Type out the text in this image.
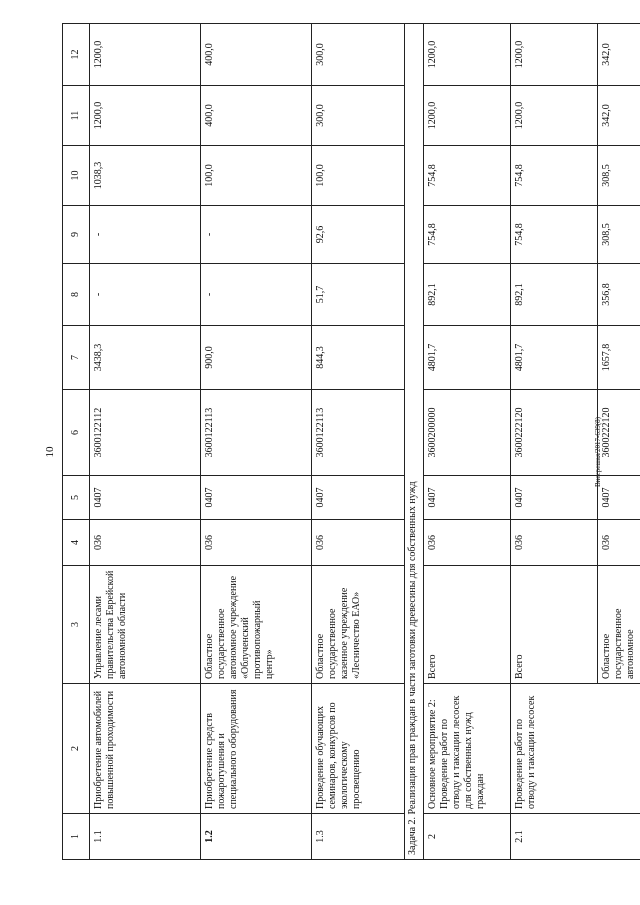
10	Внесрешая/2017-639(8)
1	2	3	4	5	6	7	8	9	10	11	12
1.1	Приобретение автомобилей повышенной проходимости	Управление лесами правительства Еврейской автономной области	036	0407	3600122112	3438,3	-	-	1038,3	1200,0	1200,0
1.2	Приобретение средств пожаротушения и специального оборудования	Областное государственное автономное учреждение «Облученский противопожарный центр»	036	0407	3600122113	900,0	-	-	100,0	400,0	400,0
1.3	Проведение обучающих семинаров, конкурсов по экологическому просвещению	Областное государственное казенное учреждение «Лесничество ЕАО»	036	0407	3600122113	844,3	51,7	92,6	100,0	300,0	300,0
Задача 2. Реализация прав граждан в части заготовки древесины для собственных нужд											
2	Основное мероприятие 2: Проведение работ по отводу и таксации лесосек для собственных нужд граждан	Всего	036	0407	3600200000	4801,7	892,1	754,8	754,8	1200,0	1200,0
2.1	Проведение работ по отводу и таксации лесосек	Всего	036	0407	3600222120	4801,7	892,1	754,8	754,8	1200,0	1200,0
		Областное государственное автономное	036	0407	3600222120	1657,8	356,8	308,5	308,5	342,0	342,0
